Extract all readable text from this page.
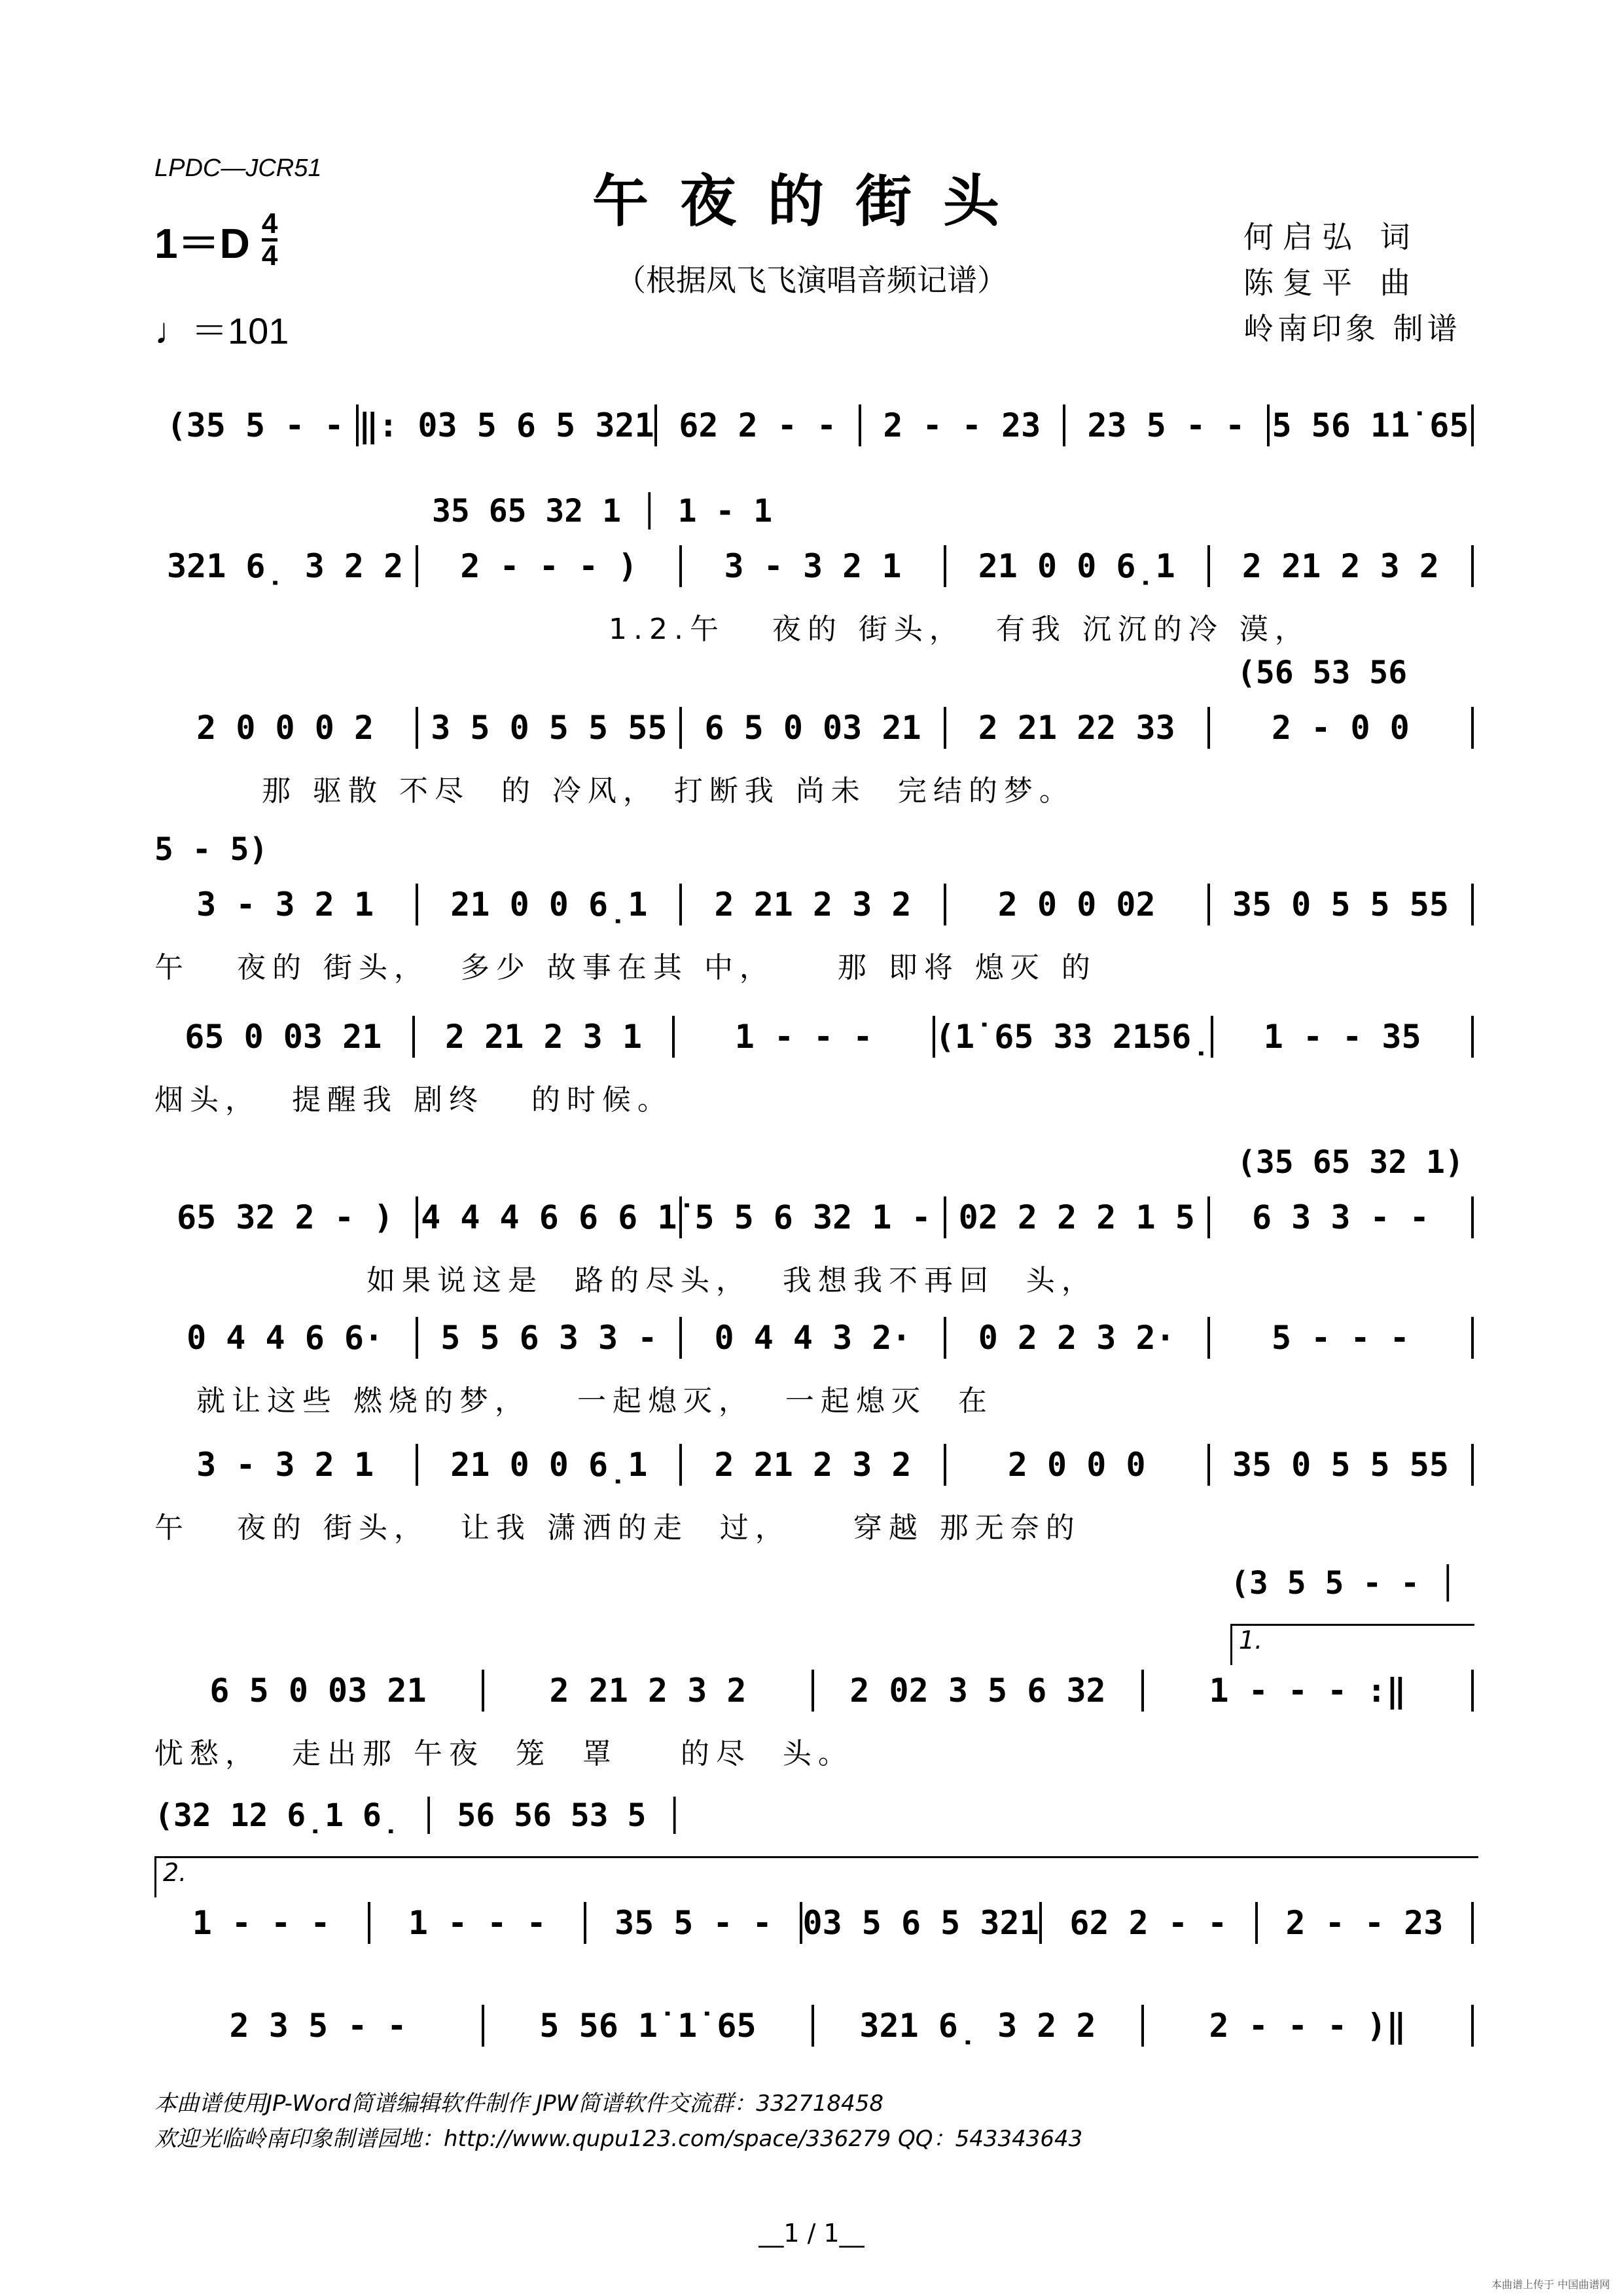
LPDC—JCR51	午夜的街头
（根据凤飞飞演唱音频记谱）
$1=D \frac{4}{4}$
♩＝101
何启弘 词
陈复平 曲
岭南印象 制谱
(35 5 - - ‖: 03 5 6 5 321 62 2 - -	2 - - 23	23 5 - - 5 56 1̇1̇ 65
321 6̣ 3 2 2	2 - - - )	3 - 3 2 1	21 0 0 6̣1	2 21 2 3 2
35 65 32 1 │ 1 - 1
1.2.午   夜的 街头，  有我 沉沉的冷 漠，
2 0 0 0 2	3 5 0 5 5 55	6 5 0 03 21	2 21 22 33	2 - 0 0
(56 53 56
那 驱散 不尽  的 冷风， 打断我 尚未  完结的梦。
3 - 3 2 1	21 0 0 6̣1	2 21 2 3 2	2 0 0 02	35 0 5 5 55
5 - 5)
午   夜的 街头，  多少 故事在其 中，    那 即将 熄灭 的
65 0 03 21	2 21 2 3 1	1 - - -	(1̇ 65 33 2156̣	1 - - 35
烟头，  提醒我 剧终   的时候。
65 32 2 - ) 4 4 4 6 6 6 1̇ 5 5 6 32 1 - 02 2 2 2 1 5	6 3 3 - -
(35 65 32 1)
如果说这是  路的尽头，  我想我不再回  头，
0 4 4 6 6·	5 5 6 3 3 -	0 4 4 3 2·	0 2 2 3 2·	5 - - -
就让这些 燃烧的梦，   一起熄灭，  一起熄灭  在
3 - 3 2 1	21 0 0 6̣1	2 21 2 3 2	2 0 0 0	35 0 5 5 55
午   夜的 街头，  让我 潇洒的走  过，    穿越 那无奈的
6 5 0 03 21	2 21 2 3 2	2 02 3 5 6 32	1 - - - :‖
(3 5 5 - - │
1.
忧愁，  走出那 午夜  笼  罩    的尽  头。
1 - - -	1 - - -	35 5 - - 03 5 6 5 321 62 2 - -	2 - - 23
(32 12 6̣1 6̣ │ 56 56 53 5 │
2.
2 3 5 - -	5 56 1̇ 1̇ 65	321 6̣ 3 2 2	2 - - - )‖
本曲谱使用JP-Word简谱编辑软件制作 JPW简谱软件交流群：332718458
欢迎光临岭南印象制谱园地：http://www.qupu123.com/space/336279 QQ：543343643
__1 / 1__
本曲谱上传于 中国曲谱网
